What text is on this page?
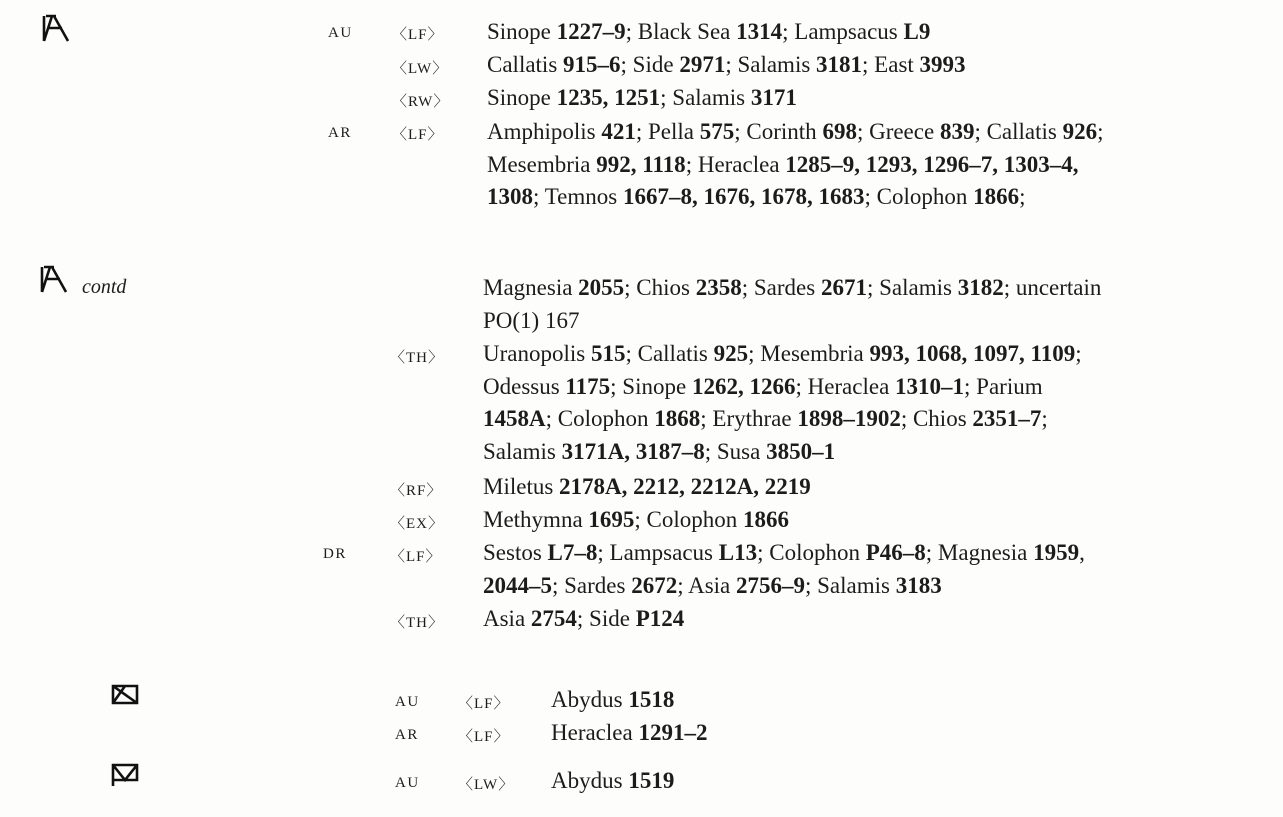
AU	〈LF〉 Sinope 1227–9; Black Sea 1314; Lampsacus L9
〈LW〉 Callatis 915–6; Side 2971; Salamis 3181; East 3993
〈RW〉 Sinope 1235, 1251; Salamis 3171
AR	〈LF〉 Amphipolis 421; Pella 575; Corinth 698; Greece 839; Callatis 926;
Mesembria 992, 1118; Heraclea 1285–9, 1293, 1296–7, 1303–4,
1308; Temnos 1667–8, 1676, 1678, 1683; Colophon 1866;
contd	Magnesia 2055; Chios 2358; Sardes 2671; Salamis 3182; uncertain
PO(1) 167
〈TH〉 Uranopolis 515; Callatis 925; Mesembria 993, 1068, 1097, 1109;
Odessus 1175; Sinope 1262, 1266; Heraclea 1310–1; Parium
1458A; Colophon 1868; Erythrae 1898–1902; Chios 2351–7;
Salamis 3171A, 3187–8; Susa 3850–1
〈RF〉 Miletus 2178A, 2212, 2212A, 2219
〈EX〉 Methymna 1695; Colophon 1866
DR	〈LF〉 Sestos L7–8; Lampsacus L13; Colophon P46–8; Magnesia 1959,
2044–5; Sardes 2672; Asia 2756–9; Salamis 3183
〈TH〉 Asia 2754; Side P124
AU	〈LF〉 Abydus 1518
AR	〈LF〉 Heraclea 1291–2
AU	〈LW〉 Abydus 1519
